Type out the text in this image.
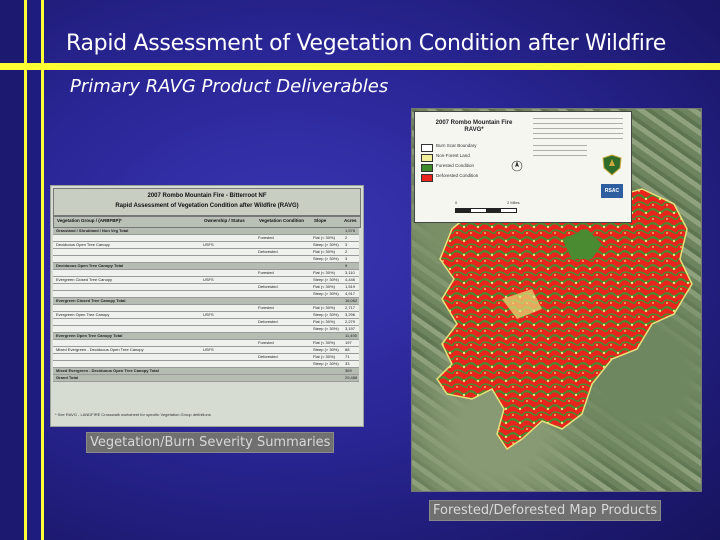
Rapid Assessment of Vegetation Condition after Wildfire
Primary RAVG Product Deliverables
2007 Rombo Mountain Fire - Bitterroot NF
Rapid Assessment of Vegetation Condition after Wildfire (RAVG)
Vegetation Group / (ARBFBP)*	Ownership / Status	Vegetation Condition Slope	Acres
Grassland / Shrubland / Non Veg Total	1,578
Forested	Flat (< 30%)	2
Deciduous Open Tree Canopy	USFS	Steep (> 30%) 3
Deforested	Flat (< 30%)	2
Steep (> 30%) 3
Deciduous Open Tree Canopy Total	9
Forested	Flat (< 30%)	3,110
Evergreen Closed Tree Canopy	USFS	Steep (> 30%) 4,446
Deforested	Flat (< 30%)	1,519
Steep (> 30%) 4,917
Evergreen Closed Tree Canopy Total	16,062
Forested	Flat (< 30%)	2,717
Evergreen Open Tree Canopy	USFS	Steep (> 30%) 3,296
Deforested	Flat (< 30%)	2,279
Steep (> 30%) 3,197
Evergreen Open Tree Canopy Total	11,490
Forested	Flat (< 30%)	197
Mixed Evergreen - Deciduous Open Tree Canopy	USFS	Steep (> 30%) 68
Deforested	Flat (< 30%)	71
Steep (> 30%) 33
Mixed Evergreen - Deciduous Open Tree Canopy Total	369
Grand Total	29,488
* See RAVG - LANDFIRE Crosswalk worksheet for specific Vegetation Group definitions
2007 Rombo Mountain Fire RAVG*
Burn Scar Boundary
Non-Forest Land
Forested Condition
Deforested Condition
0	2 Miles
RSAC
Vegetation/Burn Severity Summaries
Forested/Deforested Map Products
